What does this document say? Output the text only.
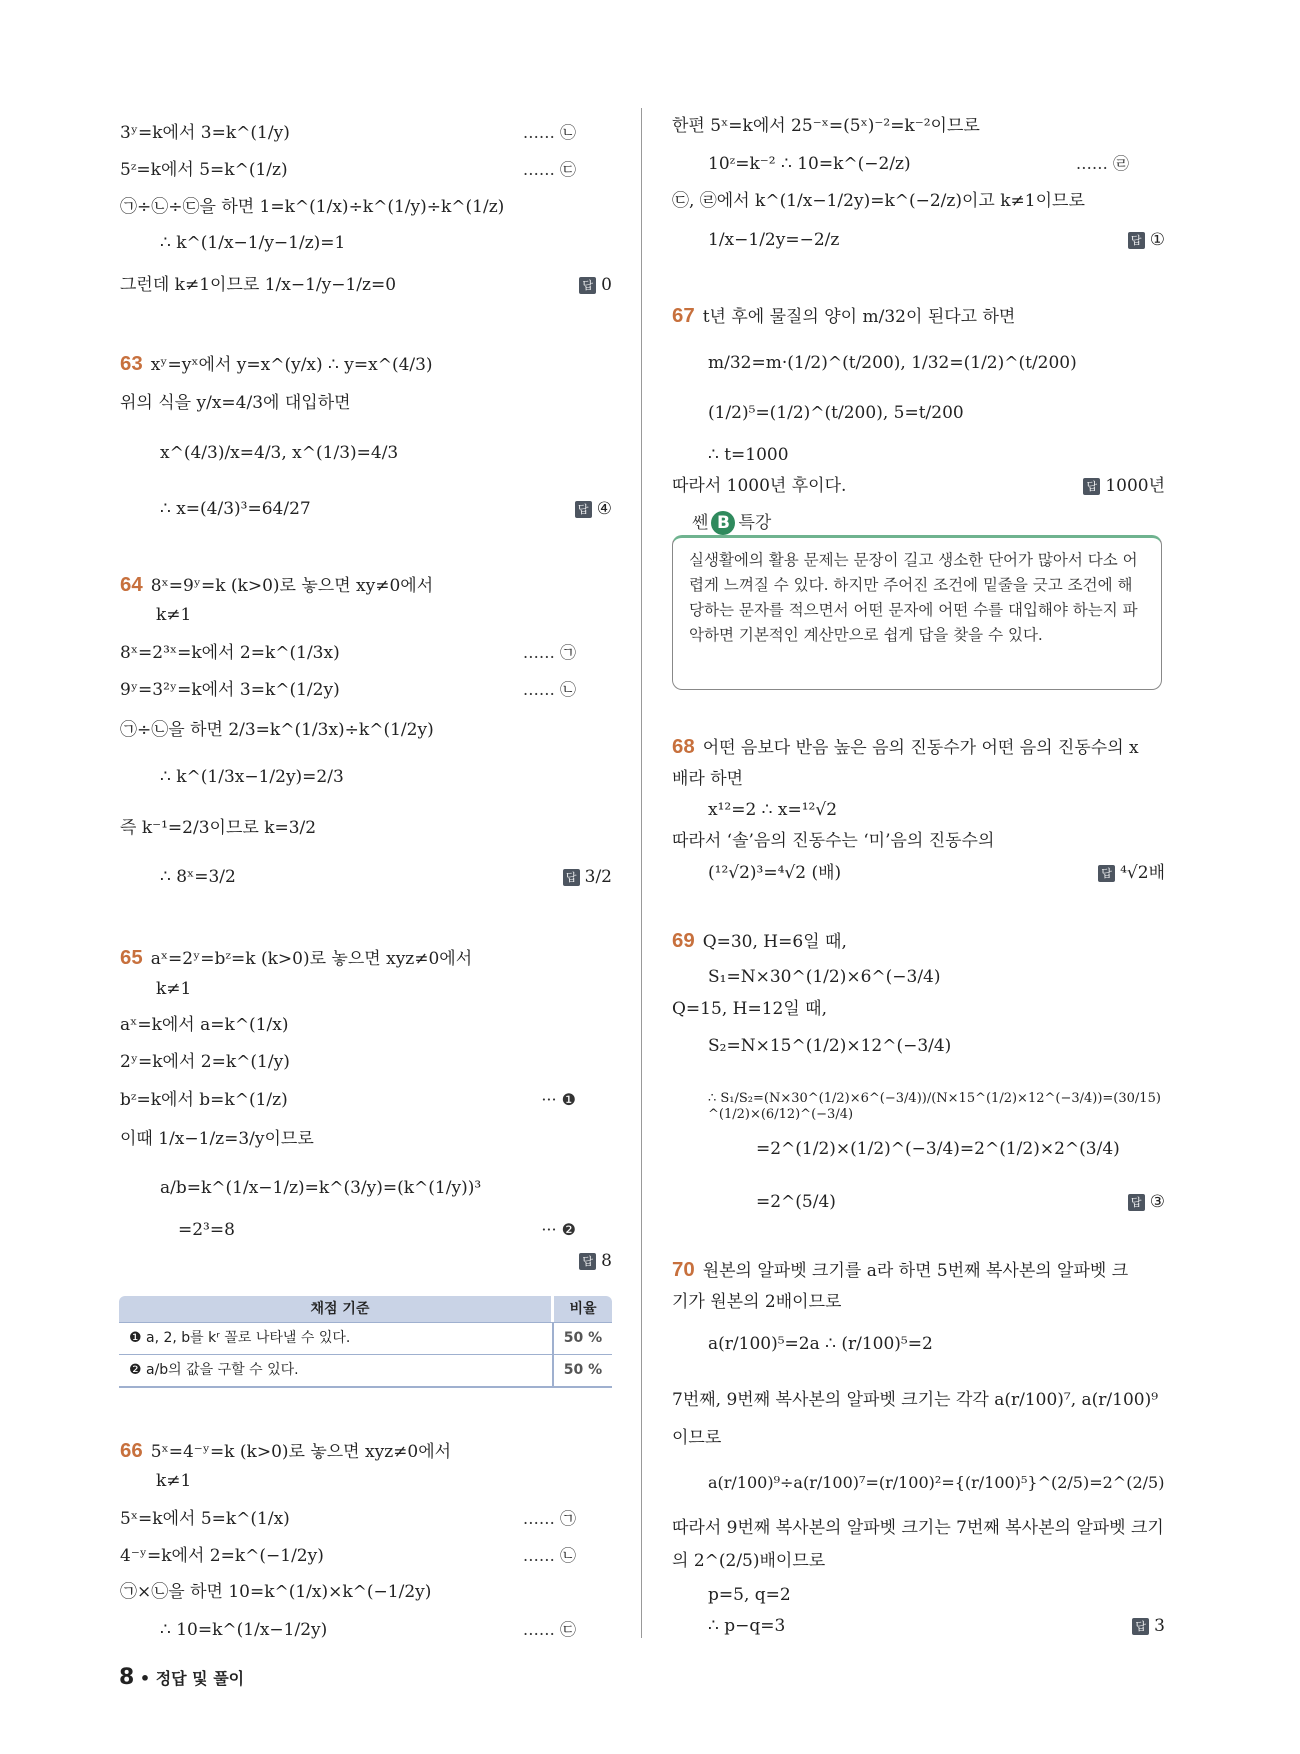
3ʸ=k에서 3=k^(1/y)	…… ㉡
5ᶻ=k에서 5=k^(1/z)	…… ㉢
㉠÷㉡÷㉢을 하면 1=k^(1/x)÷k^(1/y)÷k^(1/z)
∴ k^(1/x−1/y−1/z)=1
그런데 k≠1이므로 1/x−1/y−1/z=0	답 0
63 xʸ=yˣ에서 y=x^(y/x) ∴ y=x^(4/3)
위의 식을 y/x=4/3에 대입하면
x^(4/3)/x=4/3, x^(1/3)=4/3
∴ x=(4/3)³=64/27	답 ④
64 8ˣ=9ʸ=k (k>0)로 놓으면 xy≠0에서
k≠1
8ˣ=2³ˣ=k에서 2=k^(1/3x)	…… ㉠
9ʸ=3²ʸ=k에서 3=k^(1/2y)	…… ㉡
㉠÷㉡을 하면 2/3=k^(1/3x)÷k^(1/2y)
∴ k^(1/3x−1/2y)=2/3
즉 k⁻¹=2/3이므로 k=3/2
∴ 8ˣ=3/2	답 3/2
65 aˣ=2ʸ=bᶻ=k (k>0)로 놓으면 xyz≠0에서
k≠1
aˣ=k에서 a=k^(1/x)
2ʸ=k에서 2=k^(1/y)
bᶻ=k에서 b=k^(1/z)	··· ❶
이때 1/x−1/z=3/y이므로
a/b=k^(1/x−1/z)=k^(3/y)=(k^(1/y))³
=2³=8	··· ❷
답 8
66 5ˣ=4⁻ʸ=k (k>0)로 놓으면 xyz≠0에서
k≠1
5ˣ=k에서 5=k^(1/x)	…… ㉠
4⁻ʸ=k에서 2=k^(−1/2y)	…… ㉡
㉠×㉡을 하면 10=k^(1/x)×k^(−1/2y)
∴ 10=k^(1/x−1/2y)	…… ㉢
한편 5ˣ=k에서 25⁻ˣ=(5ˣ)⁻²=k⁻²이므로
10ᶻ=k⁻² ∴ 10=k^(−2/z)	…… ㉣
㉢, ㉣에서 k^(1/x−1/2y)=k^(−2/z)이고 k≠1이므로
1/x−1/2y=−2/z	답 ①
67 t년 후에 물질의 양이 m/32이 된다고 하면
m/32=m·(1/2)^(t/200), 1/32=(1/2)^(t/200)
(1/2)⁵=(1/2)^(t/200), 5=t/200
∴ t=1000
따라서 1000년 후이다.	답 1000년
68 어떤 음보다 반음 높은 음의 진동수가 어떤 음의 진동수의 x
배라 하면
x¹²=2 ∴ x=¹²√2
따라서 ‘솔’음의 진동수는 ‘미’음의 진동수의
(¹²√2)³=⁴√2 (배)	답 ⁴√2배
69 Q=30, H=6일 때,
S₁=N×30^(1/2)×6^(−3/4)
Q=15, H=12일 때,
S₂=N×15^(1/2)×12^(−3/4)
∴ S₁/S₂=(N×30^(1/2)×6^(−3/4))/(N×15^(1/2)×12^(−3/4))=(30/15)^(1/2)×(6/12)^(−3/4)
=2^(1/2)×(1/2)^(−3/4)=2^(1/2)×2^(3/4)
=2^(5/4)	답 ③
70 원본의 알파벳 크기를 a라 하면 5번째 복사본의 알파벳 크
기가 원본의 2배이므로
a(r/100)⁵=2a ∴ (r/100)⁵=2
7번째, 9번째 복사본의 알파벳 크기는 각각 a(r/100)⁷, a(r/100)⁹
이므로
a(r/100)⁹÷a(r/100)⁷=(r/100)²={(r/100)⁵}^(2/5)=2^(2/5)
따라서 9번째 복사본의 알파벳 크기는 7번째 복사본의 알파벳 크기
의 2^(2/5)배이므로
p=5, q=2
∴ p−q=3	답 3
채점 기준	비율
❶ a, 2, b를 kʳ 꼴로 나타낼 수 있다.	50 %
❷ a/b의 값을 구할 수 있다.	50 %
쎈 B 특강
실생활에의 활용 문제는 문장이 길고 생소한 단어가 많아서 다소 어렵게 느껴질 수 있다. 하지만 주어진 조건에 밑줄을 긋고 조건에 해당하는 문자를 적으면서 어떤 문자에 어떤 수를 대입해야 하는지 파악하면 기본적인 계산만으로 쉽게 답을 찾을 수 있다.
8 • 정답 및 풀이
